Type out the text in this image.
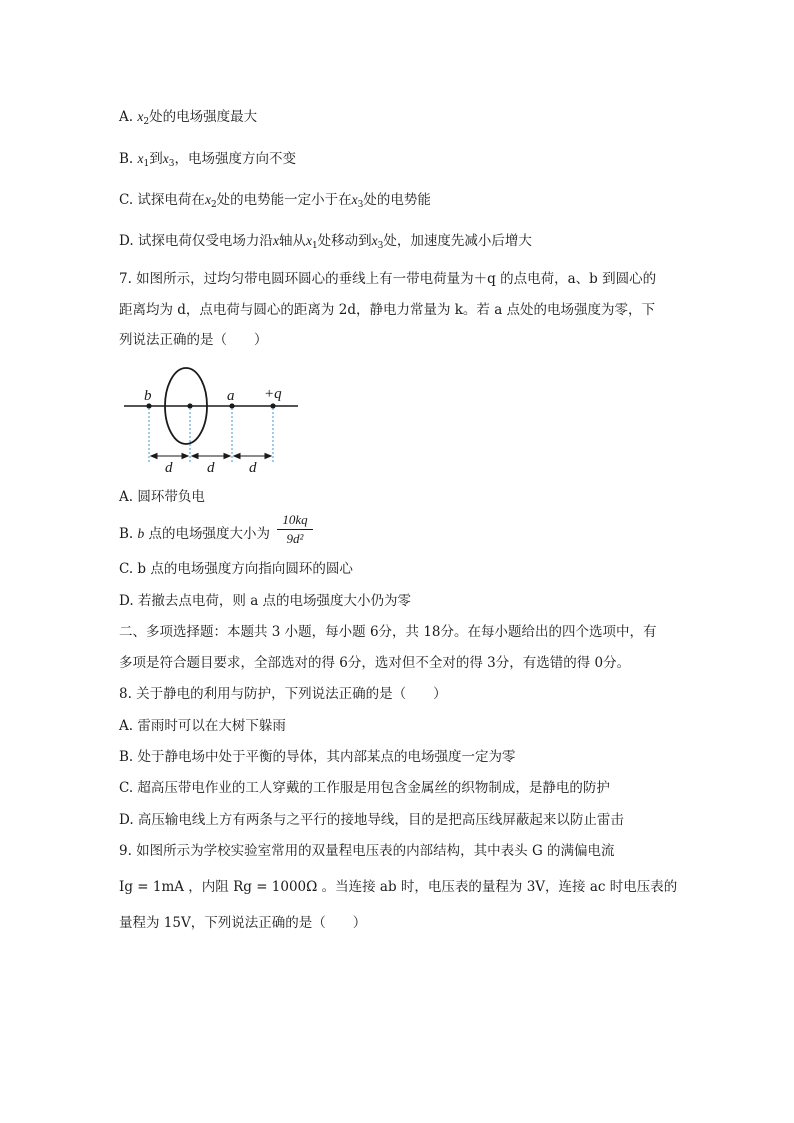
A. $x_2$处的电场强度最大
B. $x_1$到$x_3$，电场强度方向不变
C. 试探电荷在$x_2$处的电势能一定小于在$x_3$处的电势能
D. 试探电荷仅受电场力沿x轴从$x_1$处移动到$x_3$处，加速度先减小后增大
7. 如图所示，过均匀带电圆环圆心的垂线上有一带电荷量为＋q 的点电荷，a、b 到圆心的
距离均为 d，点电荷与圆心的距离为 2d，静电力常量为 k。若 a 点处的电场强度为零，下
列说法正确的是（　　）
b	a +q
d d d
A. 圆环带负电
B. b 点的电场强度大小为
10kq
9d²
C. b 点的电场强度方向指向圆环的圆心
D. 若撤去点电荷，则 a 点的电场强度大小仍为零
二、多项选择题：本题共 3 小题，每小题 6分，共 18分。在每小题给出的四个选项中，有
多项是符合题目要求，全部选对的得 6分，选对但不全对的得 3分，有选错的得 0分。
8. 关于静电的利用与防护，下列说法正确的是（　　）
A. 雷雨时可以在大树下躲雨
B. 处于静电场中处于平衡的导体，其内部某点的电场强度一定为零
C. 超高压带电作业的工人穿戴的工作服是用包含金属丝的织物制成，是静电的防护
D. 高压输电线上方有两条与之平行的接地导线，目的是把高压线屏蔽起来以防止雷击
9. 如图所示为学校实验室常用的双量程电压表的内部结构，其中表头 G 的满偏电流
Ig = 1mA ，内阻 Rg = 1000Ω 。当连接 ab 时，电压表的量程为 3V，连接 ac 时电压表的
量程为 15V，下列说法正确的是（　　）
